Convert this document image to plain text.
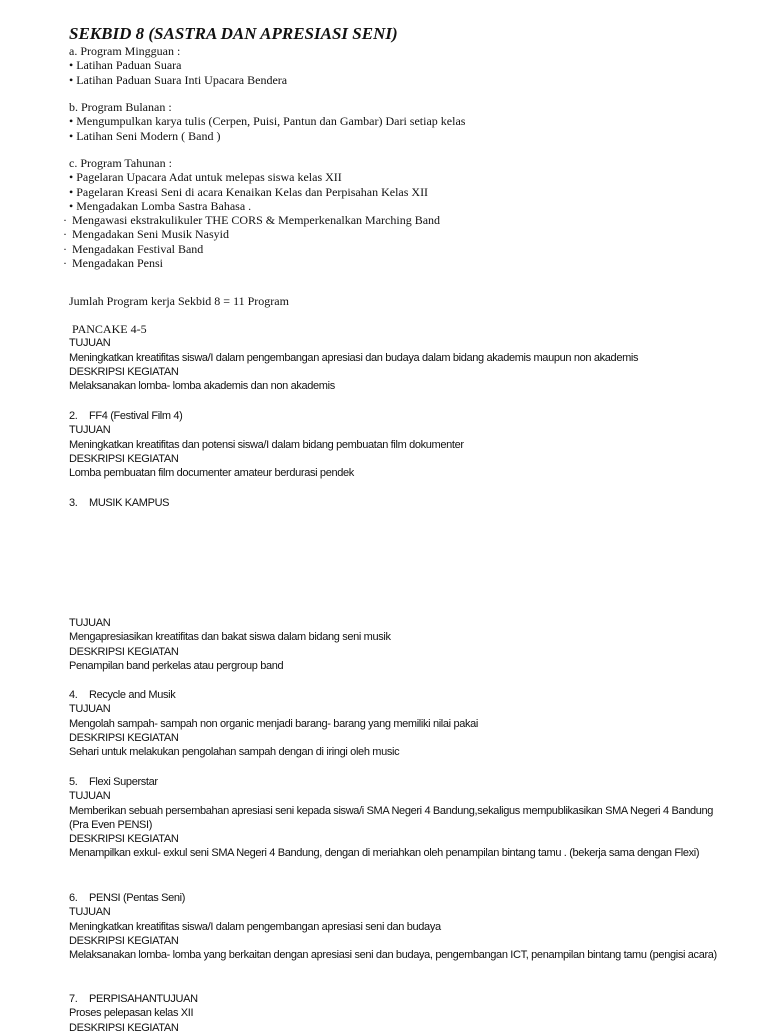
SEKBID 8 (SASTRA DAN APRESIASI SENI)
a. Program Mingguan :
• Latihan Paduan Suara
• Latihan Paduan Suara Inti Upacara Bendera
b. Program Bulanan :
• Mengumpulkan karya tulis (Cerpen, Puisi, Pantun dan Gambar) Dari setiap kelas
• Latihan Seni Modern ( Band )
c. Program Tahunan :
• Pagelaran Upacara Adat untuk melepas siswa kelas XII
• Pagelaran Kreasi Seni di acara Kenaikan Kelas dan Perpisahan Kelas XII
• Mengadakan Lomba Sastra Bahasa .
· Mengawasi ekstrakulikuler THE CORS & Memperkenalkan Marching Band
· Mengadakan Seni Musik Nasyid
· Mengadakan Festival Band
· Mengadakan Pensi
Jumlah Program kerja Sekbid 8 = 11 Program
PANCAKE 4-5
TUJUAN
Meningkatkan kreatifitas siswa/I dalam pengembangan apresiasi dan budaya dalam bidang akademis maupun non akademis
DESKRIPSI KEGIATAN
Melaksanakan lomba- lomba akademis dan non akademis
2. FF4 (Festival Film 4)
TUJUAN
Meningkatkan kreatifitas dan potensi siswa/I dalam bidang pembuatan film dokumenter
DESKRIPSI KEGIATAN
Lomba pembuatan film documenter amateur berdurasi pendek
3. MUSIK KAMPUS
TUJUAN
Mengapresiasikan kreatifitas dan bakat siswa dalam bidang seni musik
DESKRIPSI KEGIATAN
Penampilan band perkelas atau pergroup band
4. Recycle and Musik
TUJUAN
Mengolah sampah- sampah non organic menjadi barang- barang yang memiliki nilai pakai
DESKRIPSI KEGIATAN
Sehari untuk melakukan pengolahan sampah dengan di iringi oleh music
5. Flexi Superstar
TUJUAN
Memberikan sebuah persembahan apresiasi seni kepada siswa/i SMA Negeri 4 Bandung,sekaligus mempublikasikan SMA Negeri 4 Bandung (Pra Even PENSI)
DESKRIPSI KEGIATAN
Menampilkan exkul- exkul seni SMA Negeri 4 Bandung, dengan di meriahkan oleh penampilan bintang tamu . (bekerja sama dengan Flexi)
6. PENSI (Pentas Seni)
TUJUAN
Meningkatkan kreatifitas siswa/I dalam pengembangan apresiasi seni dan budaya
DESKRIPSI KEGIATAN
Melaksanakan lomba- lomba yang berkaitan dengan apresiasi seni dan budaya, pengembangan ICT, penampilan bintang tamu (pengisi acara)
7. PERPISAHANTUJUAN
Proses pelepasan kelas XII
DESKRIPSI KEGIATAN
